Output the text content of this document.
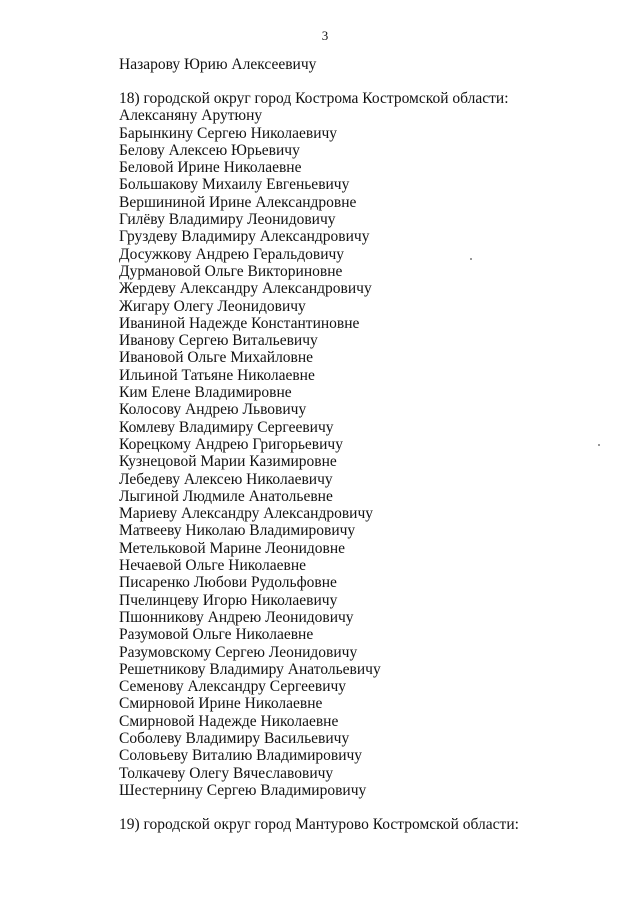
3
Назарову Юрию Алексеевичу
18) городской округ город Кострома Костромской области:
Алексаняну Арутюну
Барынкину Сергею Николаевичу
Белову Алексею Юрьевичу
Беловой Ирине Николаевне
Большакову Михаилу Евгеньевичу
Вершининой Ирине Александровне
Гилёву Владимиру Леонидовичу
Груздеву Владимиру Александровичу
Досужкову Андрею Геральдовичу
Дурмановой Ольге Викториновне
Жердеву Александру Александровичу
Жигару Олегу Леонидовичу
Иваниной Надежде Константиновне
Иванову Сергею Витальевичу
Ивановой Ольге Михайловне
Ильиной Татьяне Николаевне
Ким Елене Владимировне
Колосову Андрею Львовичу
Комлеву Владимиру Сергеевичу
Корецкому Андрею Григорьевичу
Кузнецовой Марии Казимировне
Лебедеву Алексею Николаевичу
Лыгиной Людмиле Анатольевне
Мариеву Александру Александровичу
Матвееву Николаю Владимировичу
Метельковой Марине Леонидовне
Нечаевой Ольге Николаевне
Писаренко Любови Рудольфовне
Пчелинцеву Игорю Николаевичу
Пшонникову Андрею Леонидовичу
Разумовой Ольге Николаевне
Разумовскому Сергею Леонидовичу
Решетникову Владимиру Анатольевичу
Семенову Александру Сергеевичу
Смирновой Ирине Николаевне
Смирновой Надежде Николаевне
Соболеву Владимиру Васильевичу
Соловьеву Виталию Владимировичу
Толкачеву Олегу Вячеславовичу
Шестернину Сергею Владимировичу
19) городской округ город Мантурово Костромской области:
